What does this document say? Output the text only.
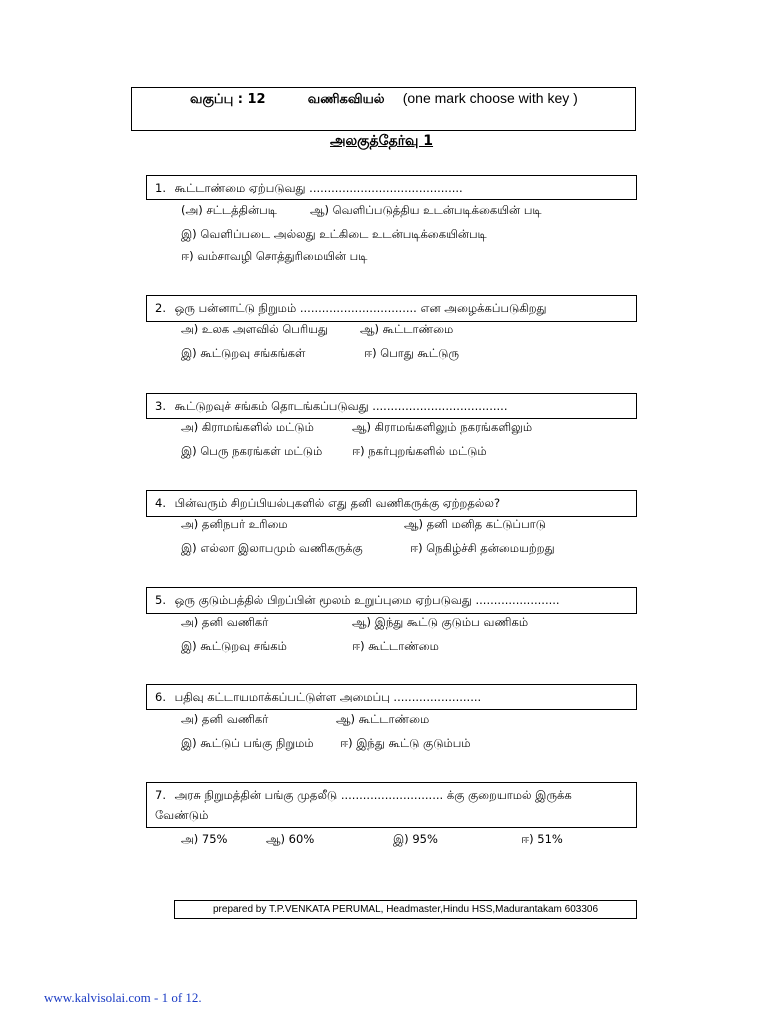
வகுப்பு : 12	வணிகவியல் (one mark choose with key )
அலகுத்தேர்வு 1
1. கூட்டாண்மை ஏற்படுவது ..........................................
(அ) சட்டத்தின்படி	ஆ) வெளிப்படுத்திய உடன்படிக்கையின் படி
இ) வெளிப்படை அல்லது உட்கிடை உடன்படிக்கையின்படி
ஈ) வம்சாவழி சொத்துரிமையின் படி
2. ஒரு பன்னாட்டு நிறுமம் ................................ என அழைக்கப்படுகிறது
அ) உலக அளவில் பெரியது	ஆ) கூட்டாண்மை
இ) கூட்டுறவு சங்கங்கள்	ஈ) பொது கூட்டுரு
3. கூட்டுறவுச் சங்கம் தொடங்கப்படுவது .....................................
அ) கிராமங்களில் மட்டும்	ஆ) கிராமங்களிலும் நகரங்களிலும்
இ) பெரு நகரங்கள் மட்டும்	ஈ) நகர்புறங்களில் மட்டும்
4. பின்வரும் சிறப்பியல்புகளில் எது தனி வணிகருக்கு ஏற்றதல்ல?
அ) தனிநபர் உரிமை	ஆ) தனி மனித கட்டுப்பாடு
இ) எல்லா இலாபமும் வணிகருக்கு	ஈ) நெகிழ்ச்சி தன்மையற்றது
5. ஒரு குடும்பத்தில் பிறப்பின் மூலம் உறுப்புமை ஏற்படுவது .......................
அ) தனி வணிகர்	ஆ) இந்து கூட்டு குடும்ப வணிகம்
இ) கூட்டுறவு சங்கம்	ஈ) கூட்டாண்மை
6. பதிவு கட்டாயமாக்கப்பட்டுள்ள அமைப்பு ........................
அ) தனி வணிகர்	ஆ) கூட்டாண்மை
இ) கூட்டுப் பங்கு நிறுமம் ஈ) இந்து கூட்டு குடும்பம்
7. அரசு நிறுமத்தின் பங்கு முதலீடு ............................ க்கு குறையாமல் இருக்க வேண்டும்
அ) 75%	ஆ) 60%	இ) 95%	ஈ) 51%
prepared by T.P.VENKATA PERUMAL, Headmaster,Hindu HSS,Madurantakam 603306
www.kalvisolai.com - 1 of 12.
